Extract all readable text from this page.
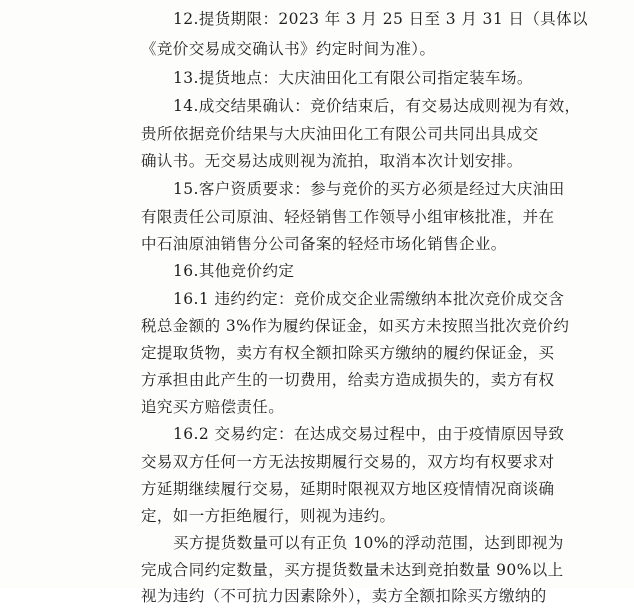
12.提货期限：2023 年 3 月 25 日至 3 月 31 日（具体以
《竞价交易成交确认书》约定时间为准）。
13.提货地点：大庆油田化工有限公司指定装车场。
14.成交结果确认：竞价结束后，有交易达成则视为有效，
贵所依据竞价结果与大庆油田化工有限公司共同出具成交
确认书。无交易达成则视为流拍，取消本次计划安排。
15.客户资质要求：参与竞价的买方必须是经过大庆油田
有限责任公司原油、轻烃销售工作领导小组审核批准，并在
中石油原油销售分公司备案的轻烃市场化销售企业。
16.其他竞价约定
16.1 违约约定：竞价成交企业需缴纳本批次竞价成交含
税总金额的 3%作为履约保证金，如买方未按照当批次竞价约
定提取货物，卖方有权全额扣除买方缴纳的履约保证金，买
方承担由此产生的一切费用，给卖方造成损失的，卖方有权
追究买方赔偿责任。
16.2 交易约定：在达成交易过程中，由于疫情原因导致
交易双方任何一方无法按期履行交易的，双方均有权要求对
方延期继续履行交易，延期时限视双方地区疫情情况商谈确
定，如一方拒绝履行，则视为违约。
买方提货数量可以有正负 10%的浮动范围，达到即视为
完成合同约定数量，买方提货数量未达到竞拍数量 90%以上
视为违约（不可抗力因素除外），卖方全额扣除买方缴纳的
